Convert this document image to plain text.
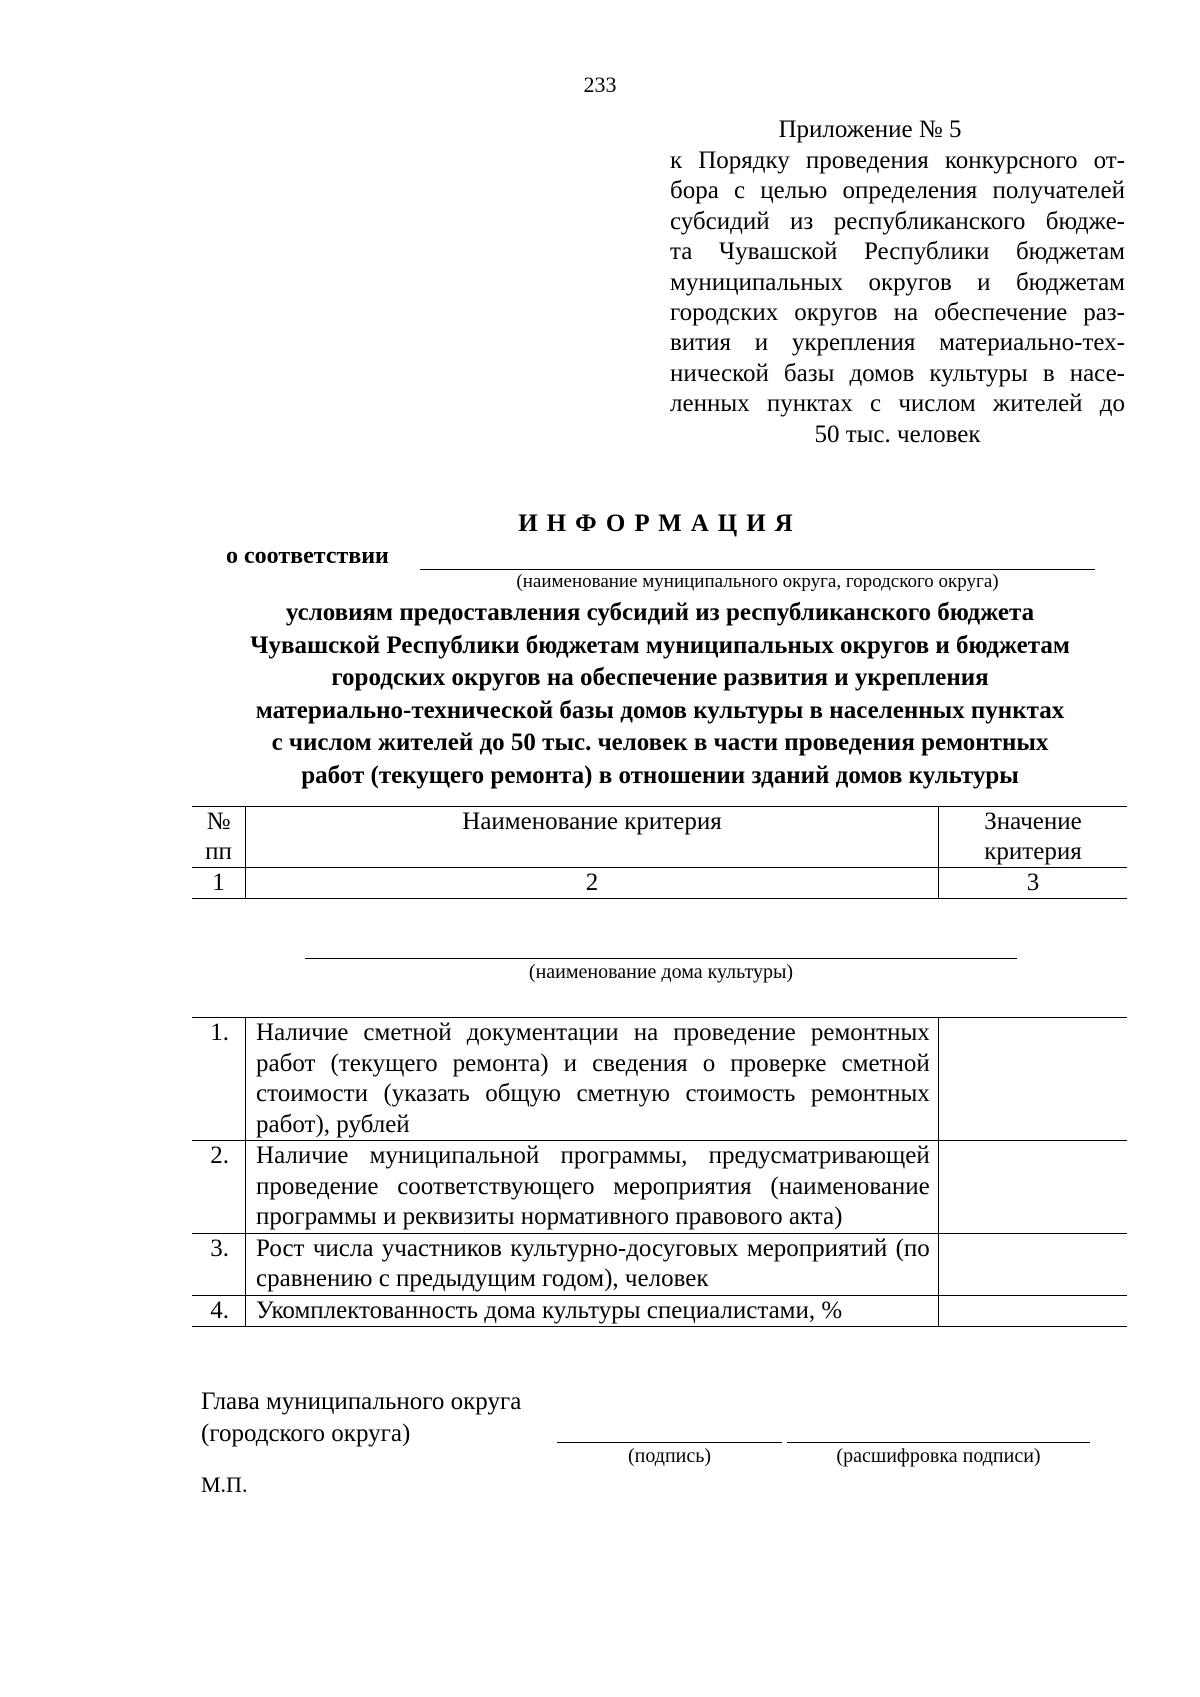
233
Приложение № 5
к Порядку проведения конкурсного от-
бора с целью определения получателей
субсидий из республиканского бюдже-
та Чувашской Республики бюджетам
муниципальных округов и бюджетам
городских округов на обеспечение раз-
вития и укрепления материально-тех-
нической базы домов культуры в насе-
ленных пунктах с числом жителей до
50 тыс. человек
ИНФОРМАЦИЯ
о соответствии
(наименование муниципального округа, городского округа)
условиям предоставления субсидий из республиканского бюджета
Чувашской Республики бюджетам муниципальных округов и бюджетам
городских округов на обеспечение развития и укрепления
материально-технической базы домов культуры в населенных пунктах
с числом жителей до 50 тыс. человек в части проведения ремонтных
работ (текущего ремонта) в отношении зданий домов культуры
№ пп	Наименование критерия	Значение критерия
1	2	3
(наименование дома культуры)
1.	Наличие сметной документации на проведение ремонтных работ (текущего ремонта) и сведения о проверке сметной стоимости (указать общую сметную стоимость ремонтных работ), рублей	
2.	Наличие муниципальной программы, предусматривающей проведение соответствующего мероприятия (наименование программы и реквизиты нормативного правового акта)	
3.	Рост числа участников культурно-досуговых мероприятий (по сравнению с предыдущим годом), человек	
4.	Укомплектованность дома культуры специалистами, %	
Глава муниципального округа
(городского округа)
(подпись)	(расшифровка подписи)
М.П.
